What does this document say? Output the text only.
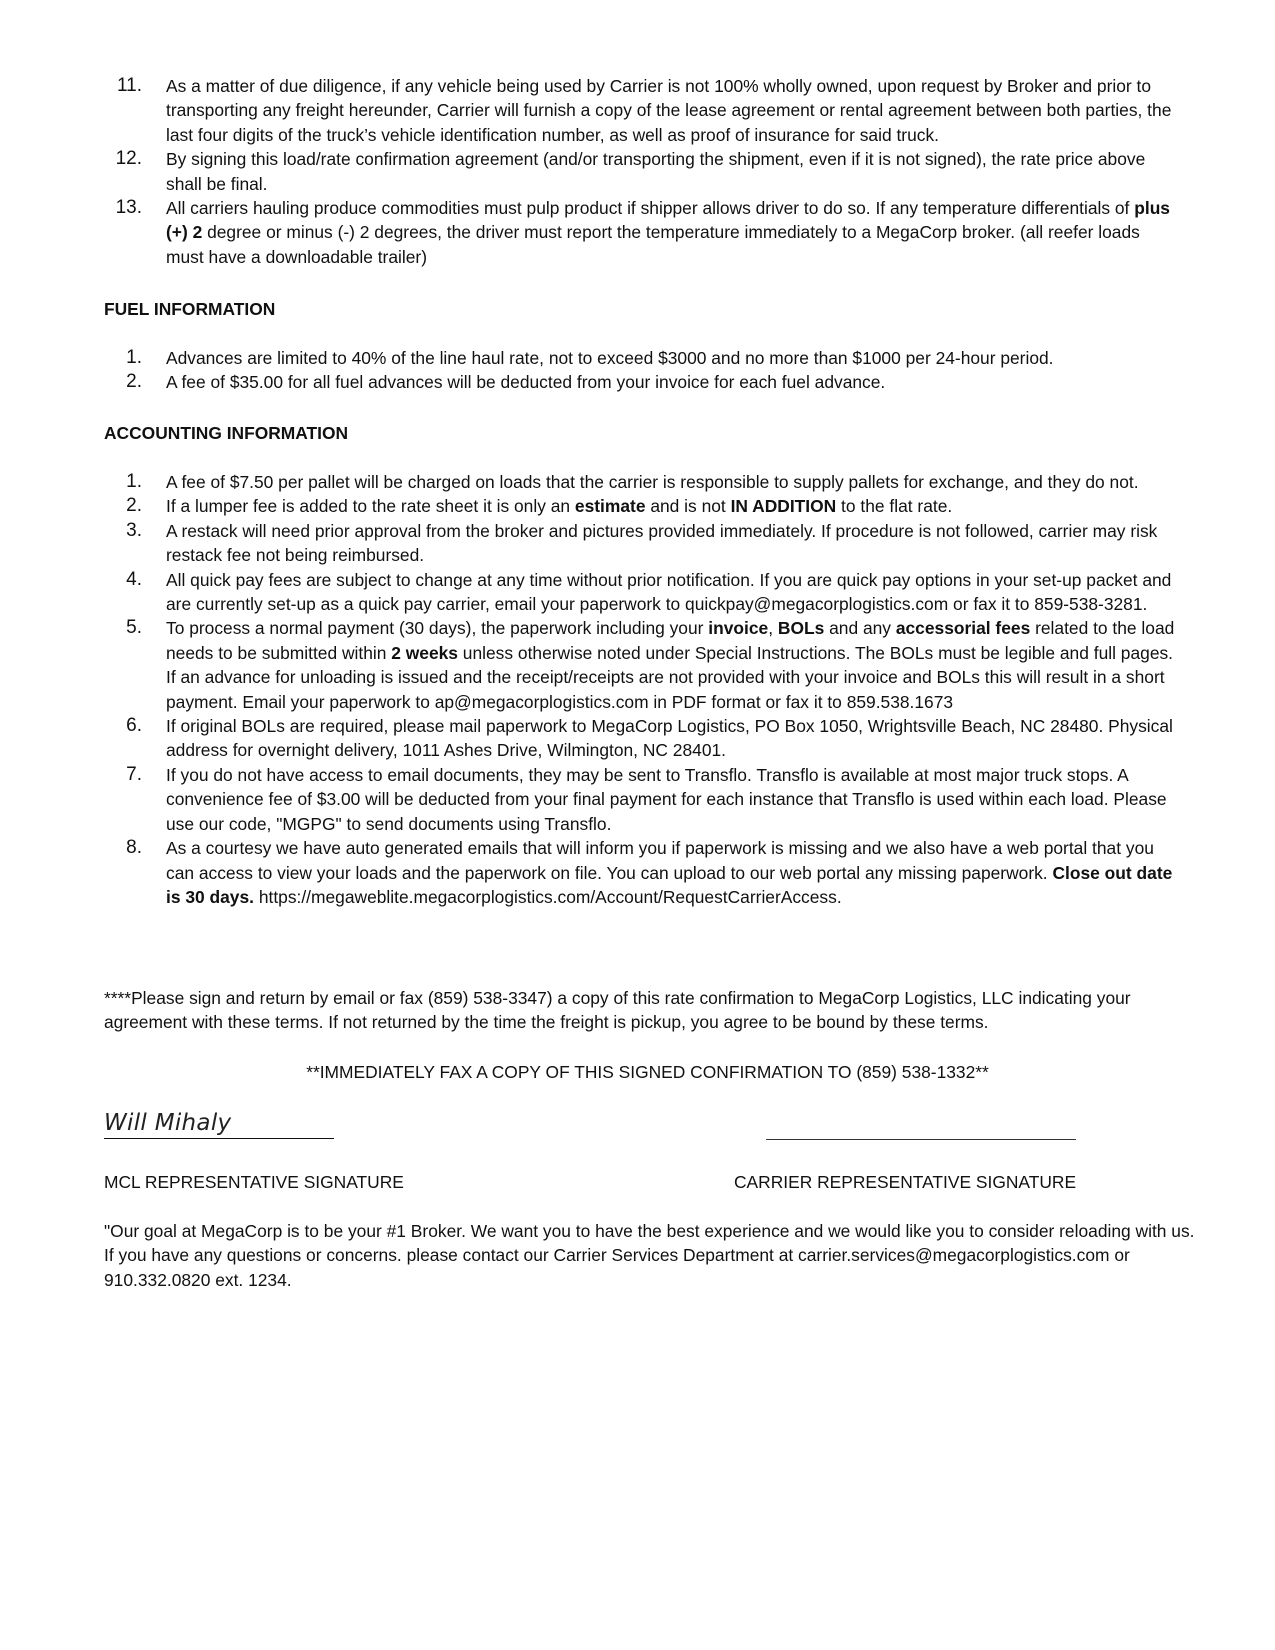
11. As a matter of due diligence, if any vehicle being used by Carrier is not 100% wholly owned, upon request by Broker and prior to transporting any freight hereunder, Carrier will furnish a copy of the lease agreement or rental agreement between both parties, the last four digits of the truck’s vehicle identification number, as well as proof of insurance for said truck.
12. By signing this load/rate confirmation agreement (and/or transporting the shipment, even if it is not signed), the rate price above shall be final.
13. All carriers hauling produce commodities must pulp product if shipper allows driver to do so. If any temperature differentials of plus (+) 2 degree or minus (-) 2 degrees, the driver must report the temperature immediately to a MegaCorp broker. (all reefer loads must have a downloadable trailer)
FUEL INFORMATION
1. Advances are limited to 40% of the line haul rate, not to exceed $3000 and no more than $1000 per 24-hour period.
2. A fee of $35.00 for all fuel advances will be deducted from your invoice for each fuel advance.
ACCOUNTING INFORMATION
1. A fee of $7.50 per pallet will be charged on loads that the carrier is responsible to supply pallets for exchange, and they do not.
2. If a lumper fee is added to the rate sheet it is only an estimate and is not IN ADDITION to the flat rate.
3. A restack will need prior approval from the broker and pictures provided immediately. If procedure is not followed, carrier may risk restack fee not being reimbursed.
4. All quick pay fees are subject to change at any time without prior notification. If you are quick pay options in your set-up packet and are currently set-up as a quick pay carrier, email your paperwork to quickpay@megacorplogistics.com or fax it to 859-538-3281.
5. To process a normal payment (30 days), the paperwork including your invoice, BOLs and any accessorial fees related to the load needs to be submitted within 2 weeks unless otherwise noted under Special Instructions. The BOLs must be legible and full pages. If an advance for unloading is issued and the receipt/receipts are not provided with your invoice and BOLs this will result in a short payment. Email your paperwork to ap@megacorplogistics.com in PDF format or fax it to 859.538.1673
6. If original BOLs are required, please mail paperwork to MegaCorp Logistics, PO Box 1050, Wrightsville Beach, NC 28480. Physical address for overnight delivery, 1011 Ashes Drive, Wilmington, NC 28401.
7. If you do not have access to email documents, they may be sent to Transflo. Transflo is available at most major truck stops. A convenience fee of $3.00 will be deducted from your final payment for each instance that Transflo is used within each load. Please use our code, "MGPG" to send documents using Transflo.
8. As a courtesy we have auto generated emails that will inform you if paperwork is missing and we also have a web portal that you can access to view your loads and the paperwork on file. You can upload to our web portal any missing paperwork. Close out date is 30 days. https://megaweblite.megacorplogistics.com/Account/RequestCarrierAccess.
****Please sign and return by email or fax (859) 538-3347) a copy of this rate confirmation to MegaCorp Logistics, LLC indicating your agreement with these terms. If not returned by the time the freight is pickup, you agree to be bound by these terms.
**IMMEDIATELY FAX A COPY OF THIS SIGNED CONFIRMATION TO (859) 538-1332**
Will Mihaly
MCL REPRESENTATIVE SIGNATURE	CARRIER REPRESENTATIVE SIGNATURE
"Our goal at MegaCorp is to be your #1 Broker. We want you to have the best experience and we would like you to consider reloading with us. If you have any questions or concerns. please contact our Carrier Services Department at carrier.services@megacorplogistics.com or 910.332.0820 ext. 1234.
